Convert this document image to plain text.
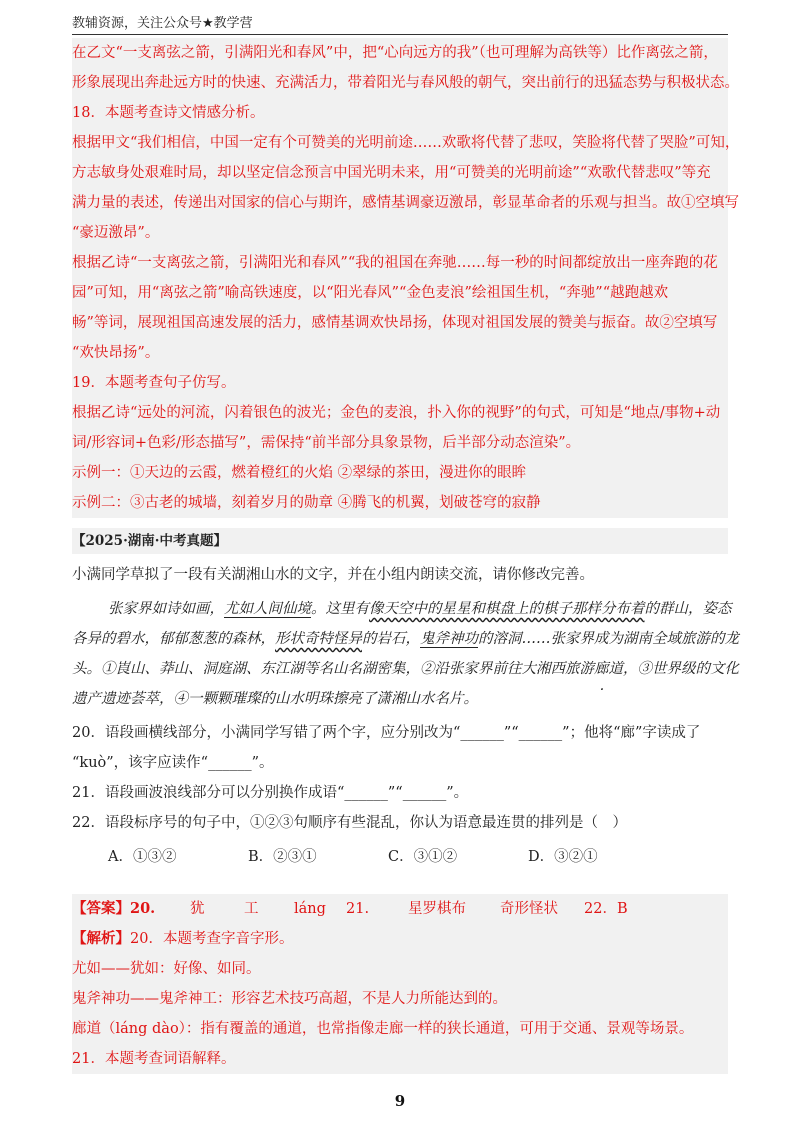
教辅资源，关注公众号★教学营
在乙文“一支离弦之箭，引满阳光和春风”中，把“心向远方的我”（也可理解为高铁等）比作离弦之箭，
形象展现出奔赴远方时的快速、充满活力，带着阳光与春风般的朝气，突出前行的迅猛态势与积极状态。
18．本题考查诗文情感分析。
根据甲文“我们相信，中国一定有个可赞美的光明前途……欢歌将代替了悲叹，笑脸将代替了哭脸”可知，
方志敏身处艰难时局，却以坚定信念预言中国光明未来，用“可赞美的光明前途”“欢歌代替悲叹”等充
满力量的表述，传递出对国家的信心与期许，感情基调豪迈激昂，彰显革命者的乐观与担当。故①空填写
“豪迈激昂”。
根据乙诗“一支离弦之箭，引满阳光和春风”“我的祖国在奔驰……每一秒的时间都绽放出一座奔跑的花
园”可知，用“离弦之箭”喻高铁速度，以“阳光春风”“金色麦浪”绘祖国生机，“奔驰”“越跑越欢
畅”等词，展现祖国高速发展的活力，感情基调欢快昂扬，体现对祖国发展的赞美与振奋。故②空填写
“欢快昂扬”。
19．本题考查句子仿写。
根据乙诗“远处的河流，闪着银色的波光；金色的麦浪，扑入你的视野”的句式，可知是“地点/事物+动
词/形容词+色彩/形态描写”，需保持“前半部分具象景物，后半部分动态渲染”。
示例一：①天边的云霞，燃着橙红的火焰 ②翠绿的茶田，漫进你的眼眸
示例二：③古老的城墙，刻着岁月的勋章 ④腾飞的机翼，划破苍穹的寂静
【2025·湖南·中考真题】
小满同学草拟了一段有关湖湘山水的文字，并在小组内朗读交流，请你修改完善。
张家界如诗如画，尤如人间仙境。这里有像天空中的星星和棋盘上的棋子那样分布着的群山，姿态
各异的碧水，郁郁葱葱的森林，形状奇特怪异的岩石，鬼斧神功的溶洞……张家界成为湖南全域旅游的龙
头。①崀山、莽山、洞庭湖、东江湖等名山名湖密集，②沿张家界前往大湘西旅游廊道，③世界级的文化
遗产遗迹荟萃，④一颗颗璀璨的山水明珠擦亮了潇湘山水名片。
20．语段画横线部分，小满同学写错了两个字，应分别改为“______”“______”；他将“廊”字读成了
“kuò”，该字应读作“______”。
21．语段画波浪线部分可以分别换作成语“______”“______”。
22．语段标序号的句子中，①②③句顺序有些混乱，你认为语意最连贯的排列是（　）
A．①③②	B．②③①	C．③①②	D．③②①
【答案】20. 犹	工 láng 21.	星罗棋布 奇形怪状 22．B
【解析】20．本题考查字音字形。
尤如——犹如：好像、如同。
鬼斧神功——鬼斧神工：形容艺术技巧高超，不是人力所能达到的。
廊道（láng dào）：指有覆盖的通道，也常指像走廊一样的狭长通道，可用于交通、景观等场景。
21．本题考查词语解释。
9
